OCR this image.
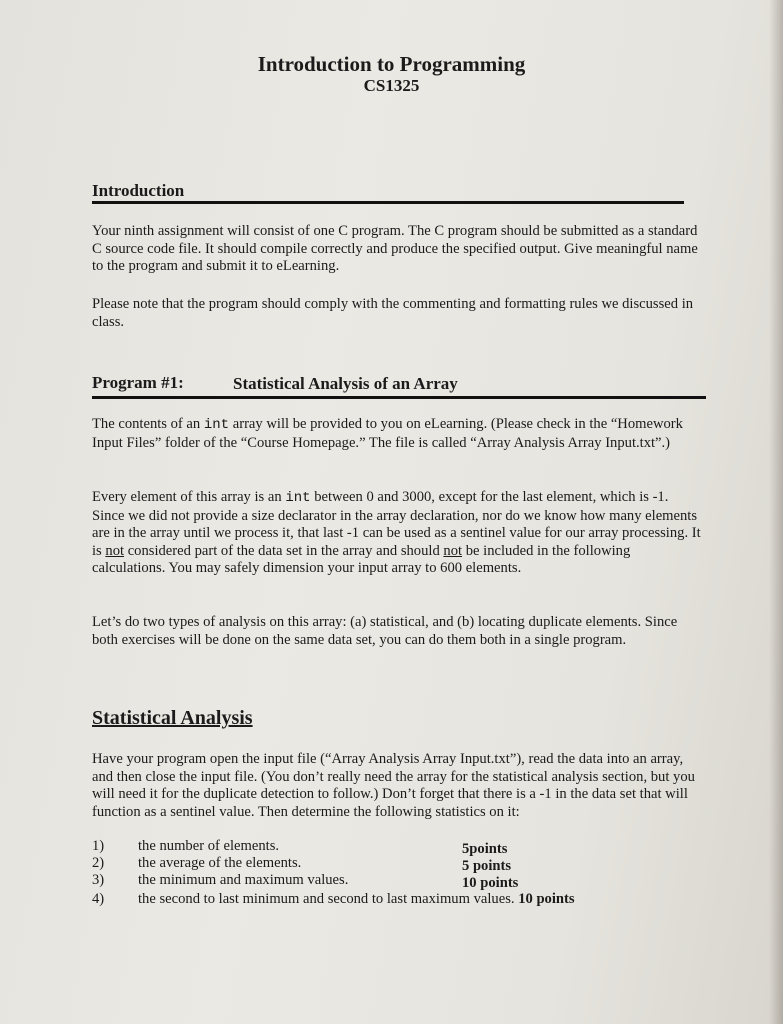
Introduction to Programming
CS1325
Introduction
Your ninth assignment will consist of one C program. The C program should be submitted as a standard C source code file. It should compile correctly and produce the specified output. Give meaningful name to the program and submit it to eLearning.
Please note that the program should comply with the commenting and formatting rules we discussed in class.
Program #1:	Statistical Analysis of an Array
The contents of an int array will be provided to you on eLearning. (Please check in the “Homework Input Files” folder of the “Course Homepage.” The file is called “Array Analysis Array Input.txt”.)
Every element of this array is an int between 0 and 3000, except for the last element, which is -1. Since we did not provide a size declarator in the array declaration, nor do we know how many elements are in the array until we process it, that last -1 can be used as a sentinel value for our array processing. It is not considered part of the data set in the array and should not be included in the following calculations. You may safely dimension your input array to 600 elements.
Let’s do two types of analysis on this array: (a) statistical, and (b) locating duplicate elements. Since both exercises will be done on the same data set, you can do them both in a single program.
Statistical Analysis
Have your program open the input file (“Array Analysis Array Input.txt”), read the data into an array, and then close the input file. (You don’t really need the array for the statistical analysis section, but you will need it for the duplicate detection to follow.) Don’t forget that there is a -1 in the data set that will function as a sentinel value. Then determine the following statistics on it:
1) the number of elements.	5points
2) the average of the elements.	5 points
3) the minimum and maximum values.	10 points
4) the second to last minimum and second to last maximum values. 10 points
